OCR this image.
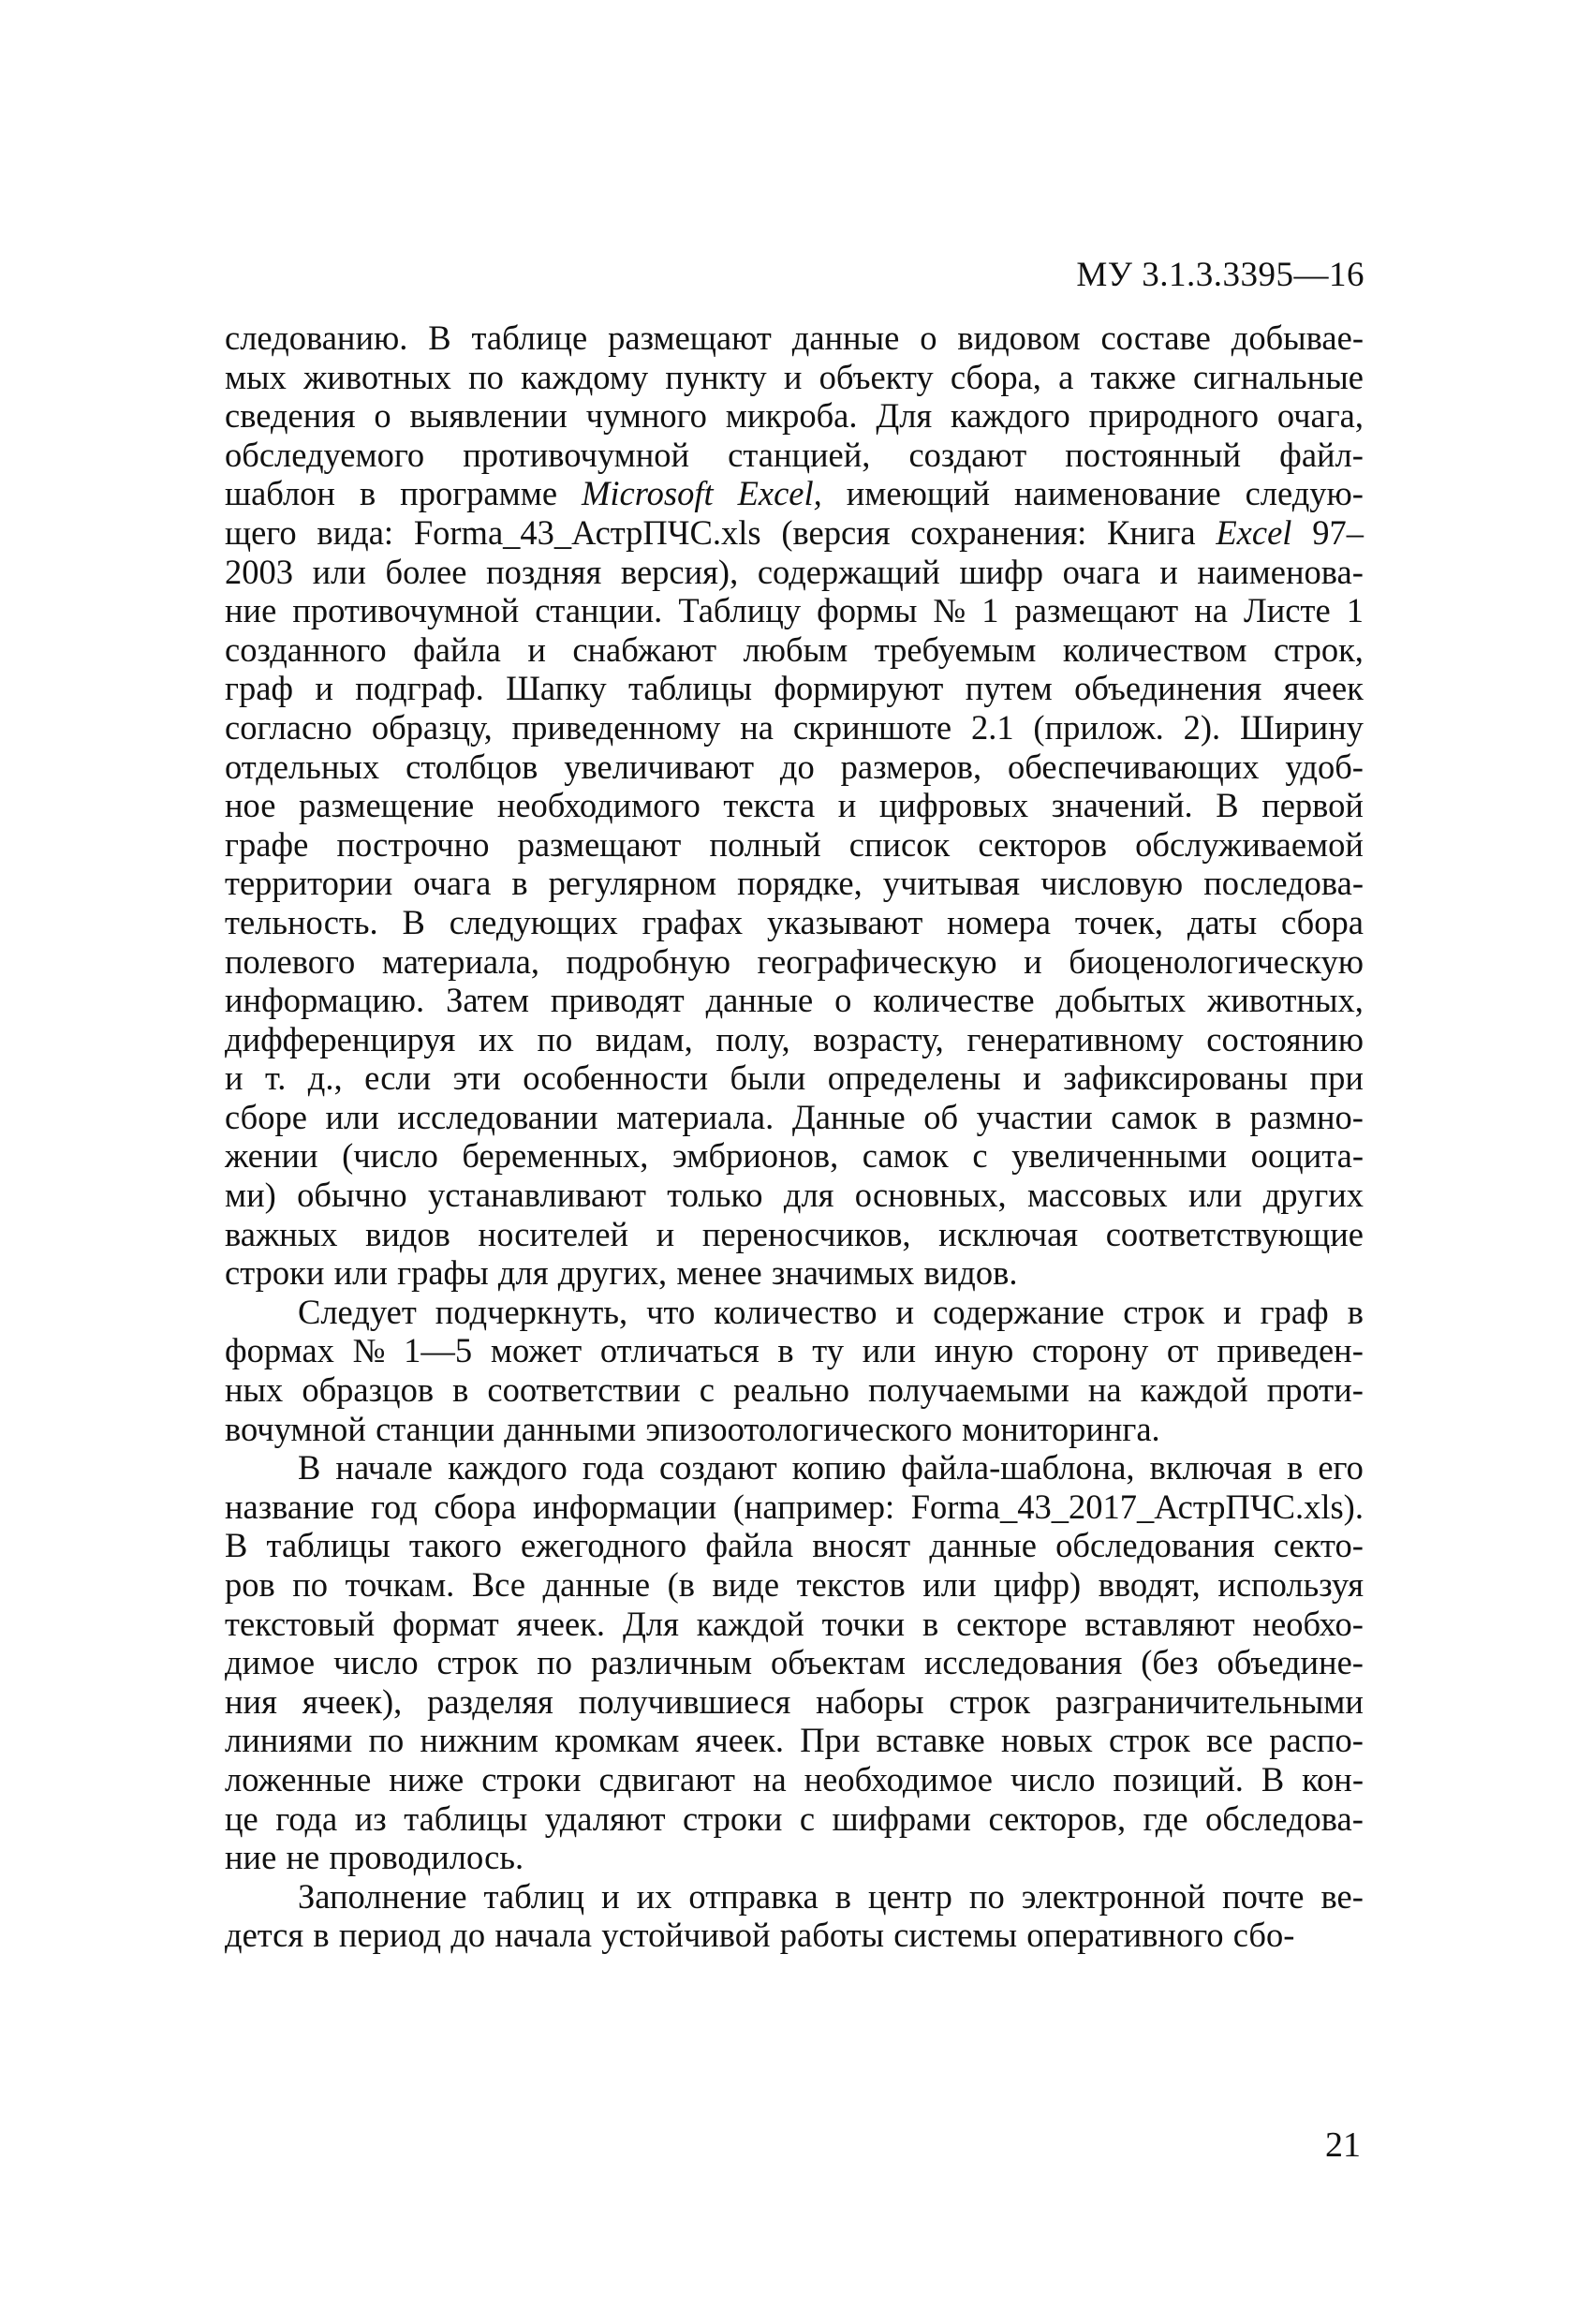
МУ 3.1.3.3395—16
следованию. В таблице размещают данные о видовом составе добывае-
мых животных по каждому пункту и объекту сбора, а также сигнальные
сведения о выявлении чумного микроба. Для каждого природного очага,
обследуемого противочумной станцией, создают постоянный файл-
шаблон в программе Microsoft Excel, имеющий наименование следую-
щего вида: Forma_43_АстрПЧС.xls (версия сохранения: Книга Excel 97–
2003 или более поздняя версия), содержащий шифр очага и наименова-
ние противочумной станции. Таблицу формы № 1 размещают на Листе 1
созданного файла и снабжают любым требуемым количеством строк,
граф и подграф. Шапку таблицы формируют путем объединения ячеек
согласно образцу, приведенному на скриншоте 2.1 (прилож. 2). Ширину
отдельных столбцов увеличивают до размеров, обеспечивающих удоб-
ное размещение необходимого текста и цифровых значений. В первой
графе построчно размещают полный список секторов обслуживаемой
территории очага в регулярном порядке, учитывая числовую последова-
тельность. В следующих графах указывают номера точек, даты сбора
полевого материала, подробную географическую и биоценологическую
информацию. Затем приводят данные о количестве добытых животных,
дифференцируя их по видам, полу, возрасту, генеративному состоянию
и т. д., если эти особенности были определены и зафиксированы при
сборе или исследовании материала. Данные об участии самок в размно-
жении (число беременных, эмбрионов, самок с увеличенными ооцита-
ми) обычно устанавливают только для основных, массовых или других
важных видов носителей и переносчиков, исключая соответствующие
строки или графы для других, менее значимых видов.
Следует подчеркнуть, что количество и содержание строк и граф в
формах № 1—5 может отличаться в ту или иную сторону от приведен-
ных образцов в соответствии с реально получаемыми на каждой проти-
вочумной станции данными эпизоотологического мониторинга.
В начале каждого года создают копию файла-шаблона, включая в его
название год сбора информации (например: Forma_43_2017_АстрПЧС.xls).
В таблицы такого ежегодного файла вносят данные обследования секто-
ров по точкам. Все данные (в виде текстов или цифр) вводят, используя
текстовый формат ячеек. Для каждой точки в секторе вставляют необхо-
димое число строк по различным объектам исследования (без объедине-
ния ячеек), разделяя получившиеся наборы строк разграничительными
линиями по нижним кромкам ячеек. При вставке новых строк все распо-
ложенные ниже строки сдвигают на необходимое число позиций. В кон-
це года из таблицы удаляют строки с шифрами секторов, где обследова-
ние не проводилось.
Заполнение таблиц и их отправка в центр по электронной почте ве-
дется в период до начала устойчивой работы системы оперативного сбо-
21
